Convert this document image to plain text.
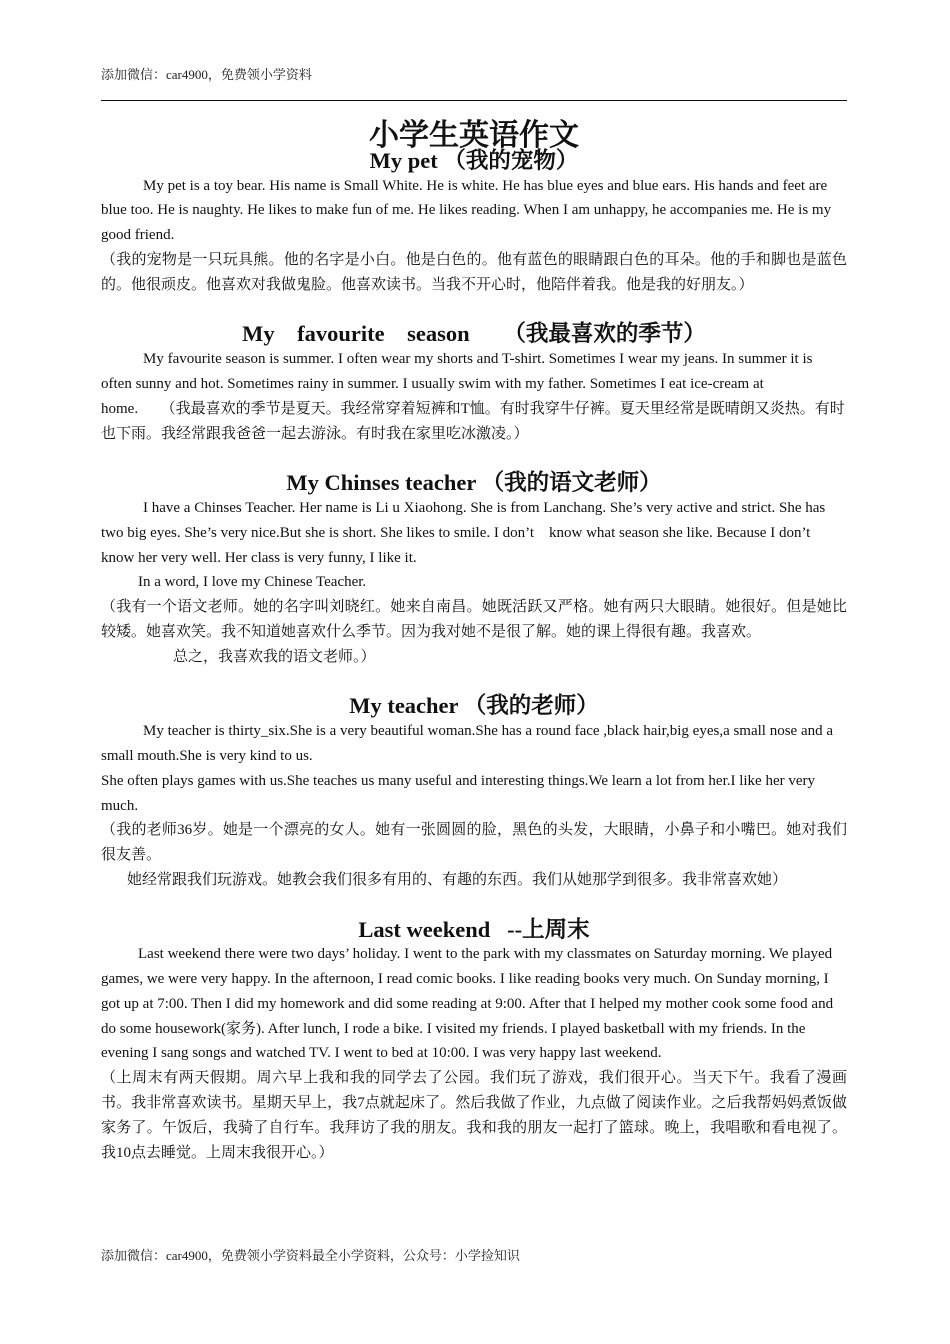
添加微信：car4900，免费领小学资料
小学生英语作文
My pet （我的宠物）

My pet is a toy bear. His name is Small White. He is white. He has blue eyes and blue ears. His hands and feet are blue too. He is naughty. He likes to make fun of me. He likes reading. When I am unhappy, he accompanies me. He is my good friend.

（我的宠物是一只玩具熊。他的名字是小白。他是白色的。他有蓝色的眼睛跟白色的耳朵。他的手和脚也是蓝色的。他很顽皮。他喜欢对我做鬼脸。他喜欢读书。当我不开心时，他陪伴着我。他是我的好朋友。）

My    favourite    season （我最喜欢的季节）

My favourite season is summer. I often wear my shorts and T-shirt. Sometimes I wear my jeans. In summer it is often sunny and hot. Sometimes rainy in summer. I usually swim with my father. Sometimes I eat ice-cream at home. （我最喜欢的季节是夏天。我经常穿着短裤和T恤。有时我穿牛仔裤。夏天里经常是既晴朗又炎热。有时也下雨。我经常跟我爸爸一起去游泳。有时我在家里吃冰激凌。）

My Chinses teacher （我的语文老师）

I have a Chinses Teacher. Her name is Li u Xiaohong. She is from Lanchang. She’s very active and strict. She has two big eyes. She’s very nice.But she is short. She likes to smile. I don’t    know what season she like. Because I don’t    know her very well. Her class is very funny, I like it.

In a word, I love my Chinese Teacher.

（我有一个语文老师。她的名字叫刘晓红。她来自南昌。她既活跃又严格。她有两只大眼睛。她很好。但是她比较矮。她喜欢笑。我不知道她喜欢什么季节。因为我对她不是很了解。她的课上得很有趣。我喜欢。

总之，我喜欢我的语文老师。）

My teacher （我的老师）

My teacher is thirty_six.She is a very beautiful woman.She has a round face ,black hair,big eyes,a small nose and a small mouth.She is very kind to us.

She often plays games with us.She teaches us many useful and interesting things.We learn a lot from her.I like her very much.

（我的老师36岁。她是一个漂亮的女人。她有一张圆圆的脸，黑色的头发，大眼睛，小鼻子和小嘴巴。她对我们很友善。

她经常跟我们玩游戏。她教会我们很多有用的、有趣的东西。我们从她那学到很多。我非常喜欢她）

Last weekend --上周末

Last weekend there were two days’ holiday. I went to the park with my classmates on Saturday morning. We played games, we were very happy. In the afternoon, I read comic books. I like reading books very much. On Sunday morning, I got up at 7:00. Then I did my homework and did some reading at 9:00. After that I helped my mother cook some food and do some housework(家务). After lunch, I rode a bike. I visited my friends. I played basketball with my friends. In the evening I sang songs and watched TV. I went to bed at 10:00. I was very happy last weekend.

（上周末有两天假期。周六早上我和我的同学去了公园。我们玩了游戏，我们很开心。当天下午。我看了漫画书。我非常喜欢读书。星期天早上，我7点就起床了。然后我做了作业，九点做了阅读作业。之后我帮妈妈煮饭做家务了。午饭后，我骑了自行车。我拜访了我的朋友。我和我的朋友一起打了篮球。晚上，我唱歌和看电视了。我10点去睡觉。上周末我很开心。）

添加微信：car4900，免费领小学资料最全小学资料，公众号：小学捡知识
